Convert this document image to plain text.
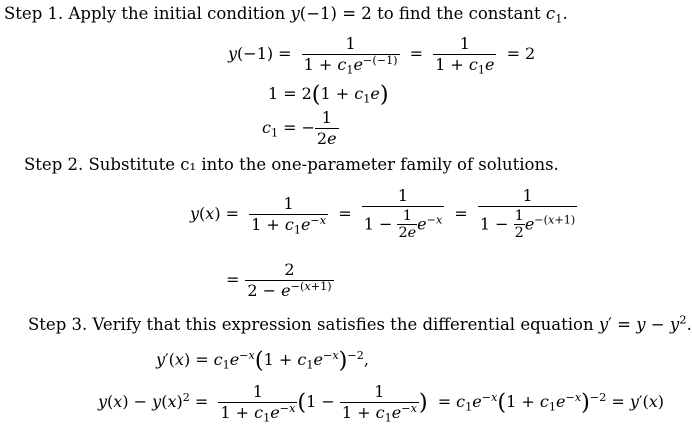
Step 1. Apply the initial condition y(−1) = 2 to find the constant $c_1$.
$y(-1) = \frac{1}{1 + c_1e^{-(-1)}} = \frac{1}{1 + c_1e} = 2$
$1 = 2(1 + c_1e)$
$c_1$ = − $\frac{1}{2e}$
Step 2. Substitute c₁ into the one-parameter family of solutions.
$y(x) = \frac{1}{1 + c_1e^{-x}} = \frac{1}{1 - \frac{1}{2e} e^{-x}} = \frac{1}{1 - \frac{1}{2} e^{-(x+1)}}$
= $\frac{2}{2 - e^{-(x+1)}}$
Step 3. Verify that this expression satisfies the differential equation $y' = y - y^2$.
$y'(x) = c_1e^{-x}(1 + c_1e^{-x})^{-2}$,
$y(x) - y(x)^2 = \frac{1}{1 + c_1e^{-x}} (1 - \frac{1}{1 + c_1e^{-x}}$ ) = $c_1e^{-x}(1 + c_1e^{-x})^{-2} = y'(x)$
